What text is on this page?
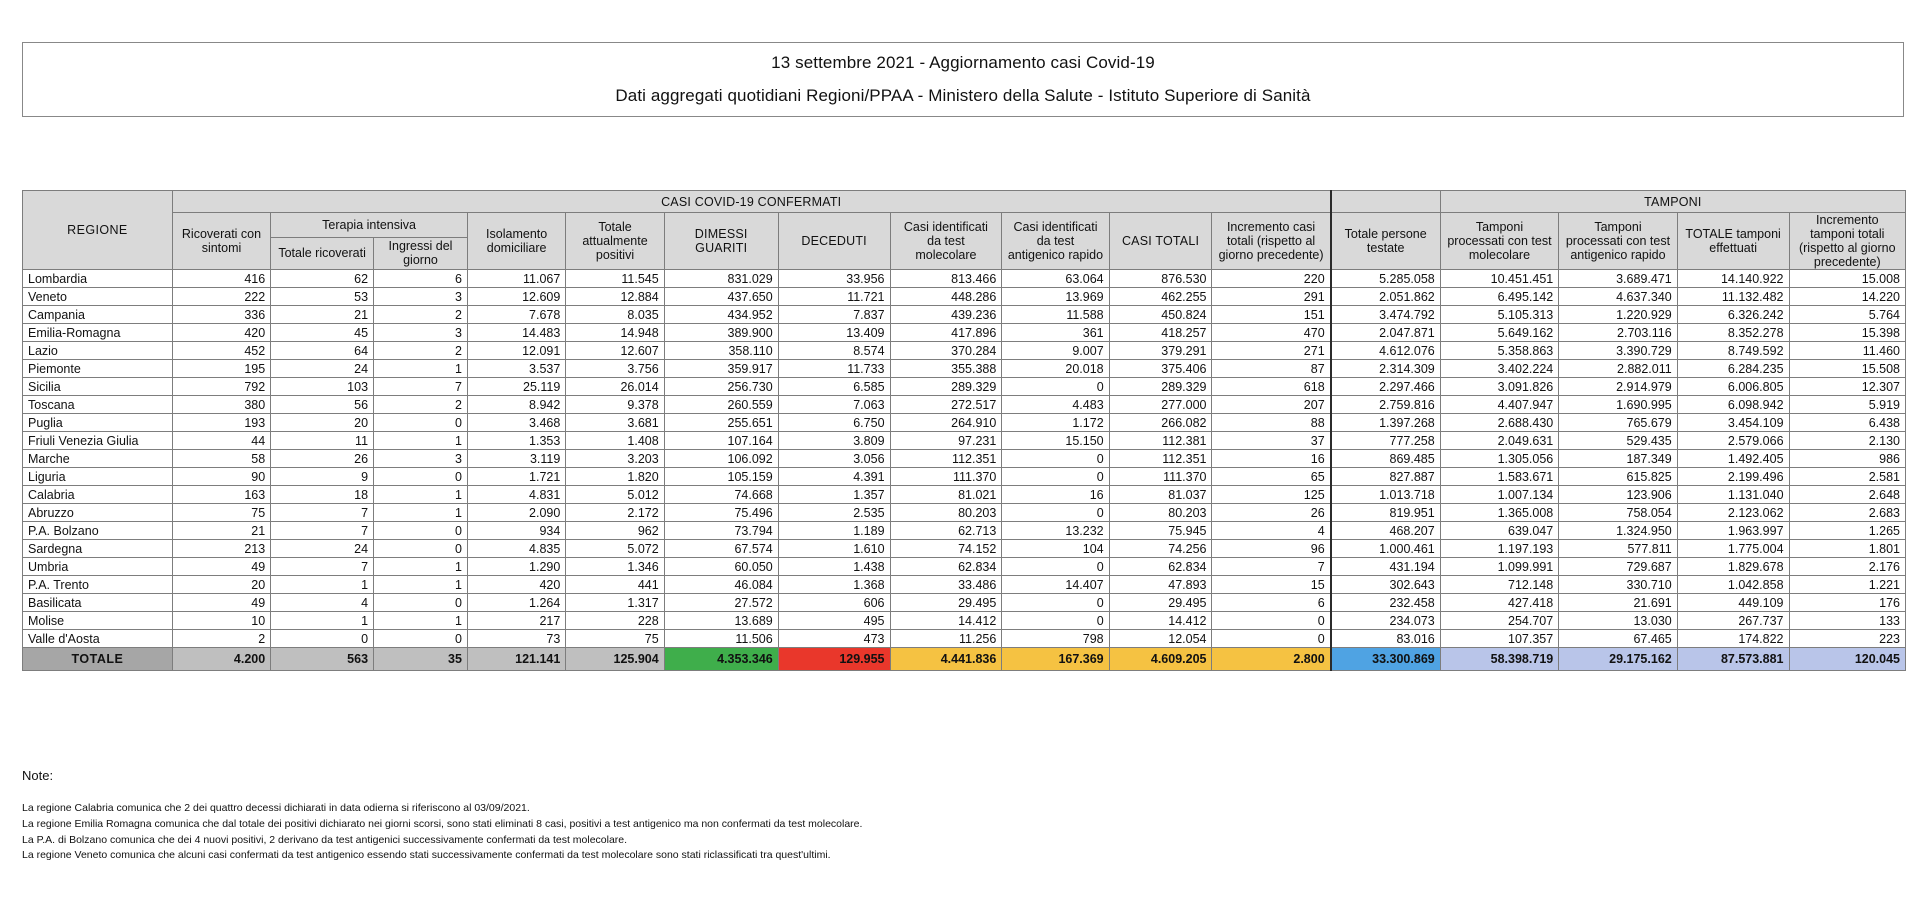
13 settembre 2021 - Aggiornamento casi Covid-19
Dati aggregati quotidiani Regioni/PPAA - Ministero della Salute - Istituto Superiore di Sanità
REGIONE	CASI COVID-19 CONFERMATI												TAMPONI			
	Ricoverati con sintomi	Terapia intensiva		Isolamento domiciliare	Totale attualmente positivi	DIMESSI GUARITI	DECEDUTI	Casi identificati da test molecolare	Casi identificati da test antigenico rapido	CASI TOTALI	Incremento casi totali (rispetto al giorno precedente)	Totale persone testate	Tamponi processati con test molecolare	Tamponi processati con test antigenico rapido	TOTALE tamponi effettuati	Incremento tamponi totali (rispetto al giorno precedente)
		Totale ricoverati	Ingressi del giorno													
Lombardia	416	62	6	11.067	11.545	831.029	33.956	813.466	63.064	876.530	220	5.285.058	10.451.451	3.689.471	14.140.922	15.008
Veneto	222	53	3	12.609	12.884	437.650	11.721	448.286	13.969	462.255	291	2.051.862	6.495.142	4.637.340	11.132.482	14.220
Campania	336	21	2	7.678	8.035	434.952	7.837	439.236	11.588	450.824	151	3.474.792	5.105.313	1.220.929	6.326.242	5.764
Emilia-Romagna	420	45	3	14.483	14.948	389.900	13.409	417.896	361	418.257	470	2.047.871	5.649.162	2.703.116	8.352.278	15.398
Lazio	452	64	2	12.091	12.607	358.110	8.574	370.284	9.007	379.291	271	4.612.076	5.358.863	3.390.729	8.749.592	11.460
Piemonte	195	24	1	3.537	3.756	359.917	11.733	355.388	20.018	375.406	87	2.314.309	3.402.224	2.882.011	6.284.235	15.508
Sicilia	792	103	7	25.119	26.014	256.730	6.585	289.329	0	289.329	618	2.297.466	3.091.826	2.914.979	6.006.805	12.307
Toscana	380	56	2	8.942	9.378	260.559	7.063	272.517	4.483	277.000	207	2.759.816	4.407.947	1.690.995	6.098.942	5.919
Puglia	193	20	0	3.468	3.681	255.651	6.750	264.910	1.172	266.082	88	1.397.268	2.688.430	765.679	3.454.109	6.438
Friuli Venezia Giulia	44	11	1	1.353	1.408	107.164	3.809	97.231	15.150	112.381	37	777.258	2.049.631	529.435	2.579.066	2.130
Marche	58	26	3	3.119	3.203	106.092	3.056	112.351	0	112.351	16	869.485	1.305.056	187.349	1.492.405	986
Liguria	90	9	0	1.721	1.820	105.159	4.391	111.370	0	111.370	65	827.887	1.583.671	615.825	2.199.496	2.581
Calabria	163	18	1	4.831	5.012	74.668	1.357	81.021	16	81.037	125	1.013.718	1.007.134	123.906	1.131.040	2.648
Abruzzo	75	7	1	2.090	2.172	75.496	2.535	80.203	0	80.203	26	819.951	1.365.008	758.054	2.123.062	2.683
P.A. Bolzano	21	7	0	934	962	73.794	1.189	62.713	13.232	75.945	4	468.207	639.047	1.324.950	1.963.997	1.265
Sardegna	213	24	0	4.835	5.072	67.574	1.610	74.152	104	74.256	96	1.000.461	1.197.193	577.811	1.775.004	1.801
Umbria	49	7	1	1.290	1.346	60.050	1.438	62.834	0	62.834	7	431.194	1.099.991	729.687	1.829.678	2.176
P.A. Trento	20	1	1	420	441	46.084	1.368	33.486	14.407	47.893	15	302.643	712.148	330.710	1.042.858	1.221
Basilicata	49	4	0	1.264	1.317	27.572	606	29.495	0	29.495	6	232.458	427.418	21.691	449.109	176
Molise	10	1	1	217	228	13.689	495	14.412	0	14.412	0	234.073	254.707	13.030	267.737	133
Valle d'Aosta	2	0	0	73	75	11.506	473	11.256	798	12.054	0	83.016	107.357	67.465	174.822	223
TOTALE	4.200	563	35	121.141	125.904	4.353.346	129.955	4.441.836	167.369	4.609.205	2.800	33.300.869	58.398.719	29.175.162	87.573.881	120.045
Note:
La regione Calabria comunica che 2 dei quattro decessi dichiarati in data odierna si riferiscono al 03/09/2021.
La regione Emilia Romagna comunica che dal totale dei positivi dichiarato nei giorni scorsi, sono stati eliminati 8 casi, positivi a test antigenico ma non confermati da test molecolare.
La P.A. di Bolzano comunica che dei 4 nuovi positivi, 2 derivano da test antigenici successivamente confermati da test molecolare.
La regione Veneto comunica che alcuni casi confermati da test antigenico essendo stati successivamente confermati da test molecolare sono stati riclassificati tra quest'ultimi.
